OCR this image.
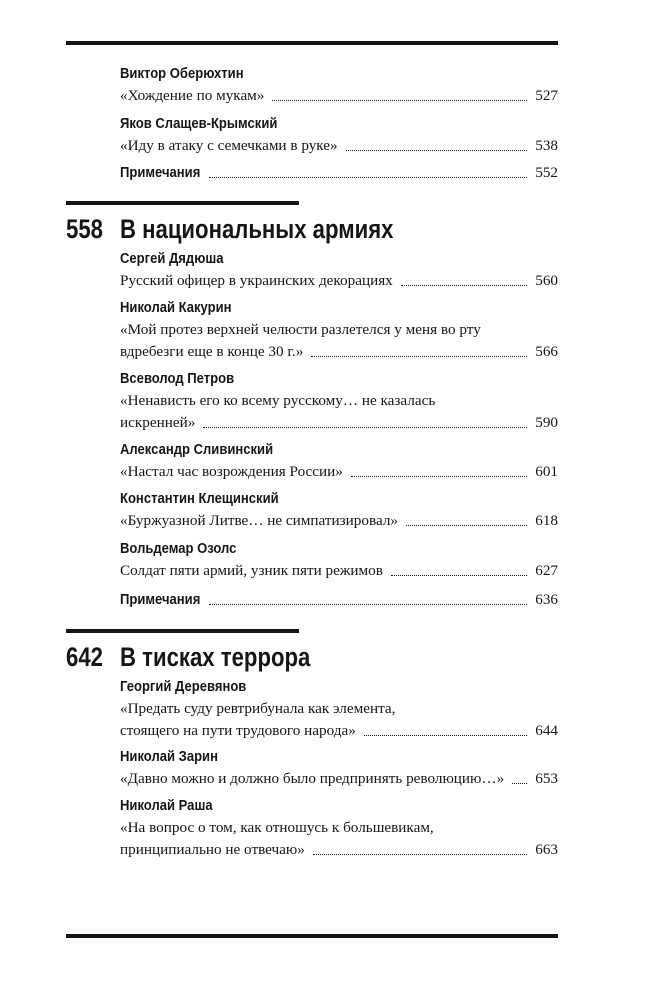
Виктор Оберюхтин
«Хождение по мукам»	527
Яков Слащев-Крымский
«Иду в атаку с семечками в руке»	538
Примечания	552
558 В национальных армиях
Сергей Дядюша
Русский офицер в украинских декорациях	560
Николай Какурин
«Мой протез верхней челюсти разлетелся у меня во рту
вдребезги еще в конце 30 г.»	566
Всеволод Петров
«Ненависть его ко всему русскому… не казалась
искренней»	590
Александр Сливинский
«Настал час возрождения России»	601
Константин Клещинский
«Буржуазной Литве… не симпатизировал»	618
Вольдемар Озолс
Солдат пяти армий, узник пяти режимов	627
Примечания	636
642 В тисках террора
Георгий Деревянов
«Предать суду ревтрибунала как элемента,
стоящего на пути трудового народа»	644
Николай Зарин
«Давно можно и должно было предпринять революцию…» 653
Николай Раша
«На вопрос о том, как отношусь к большевикам,
принципиально не отвечаю»	663
